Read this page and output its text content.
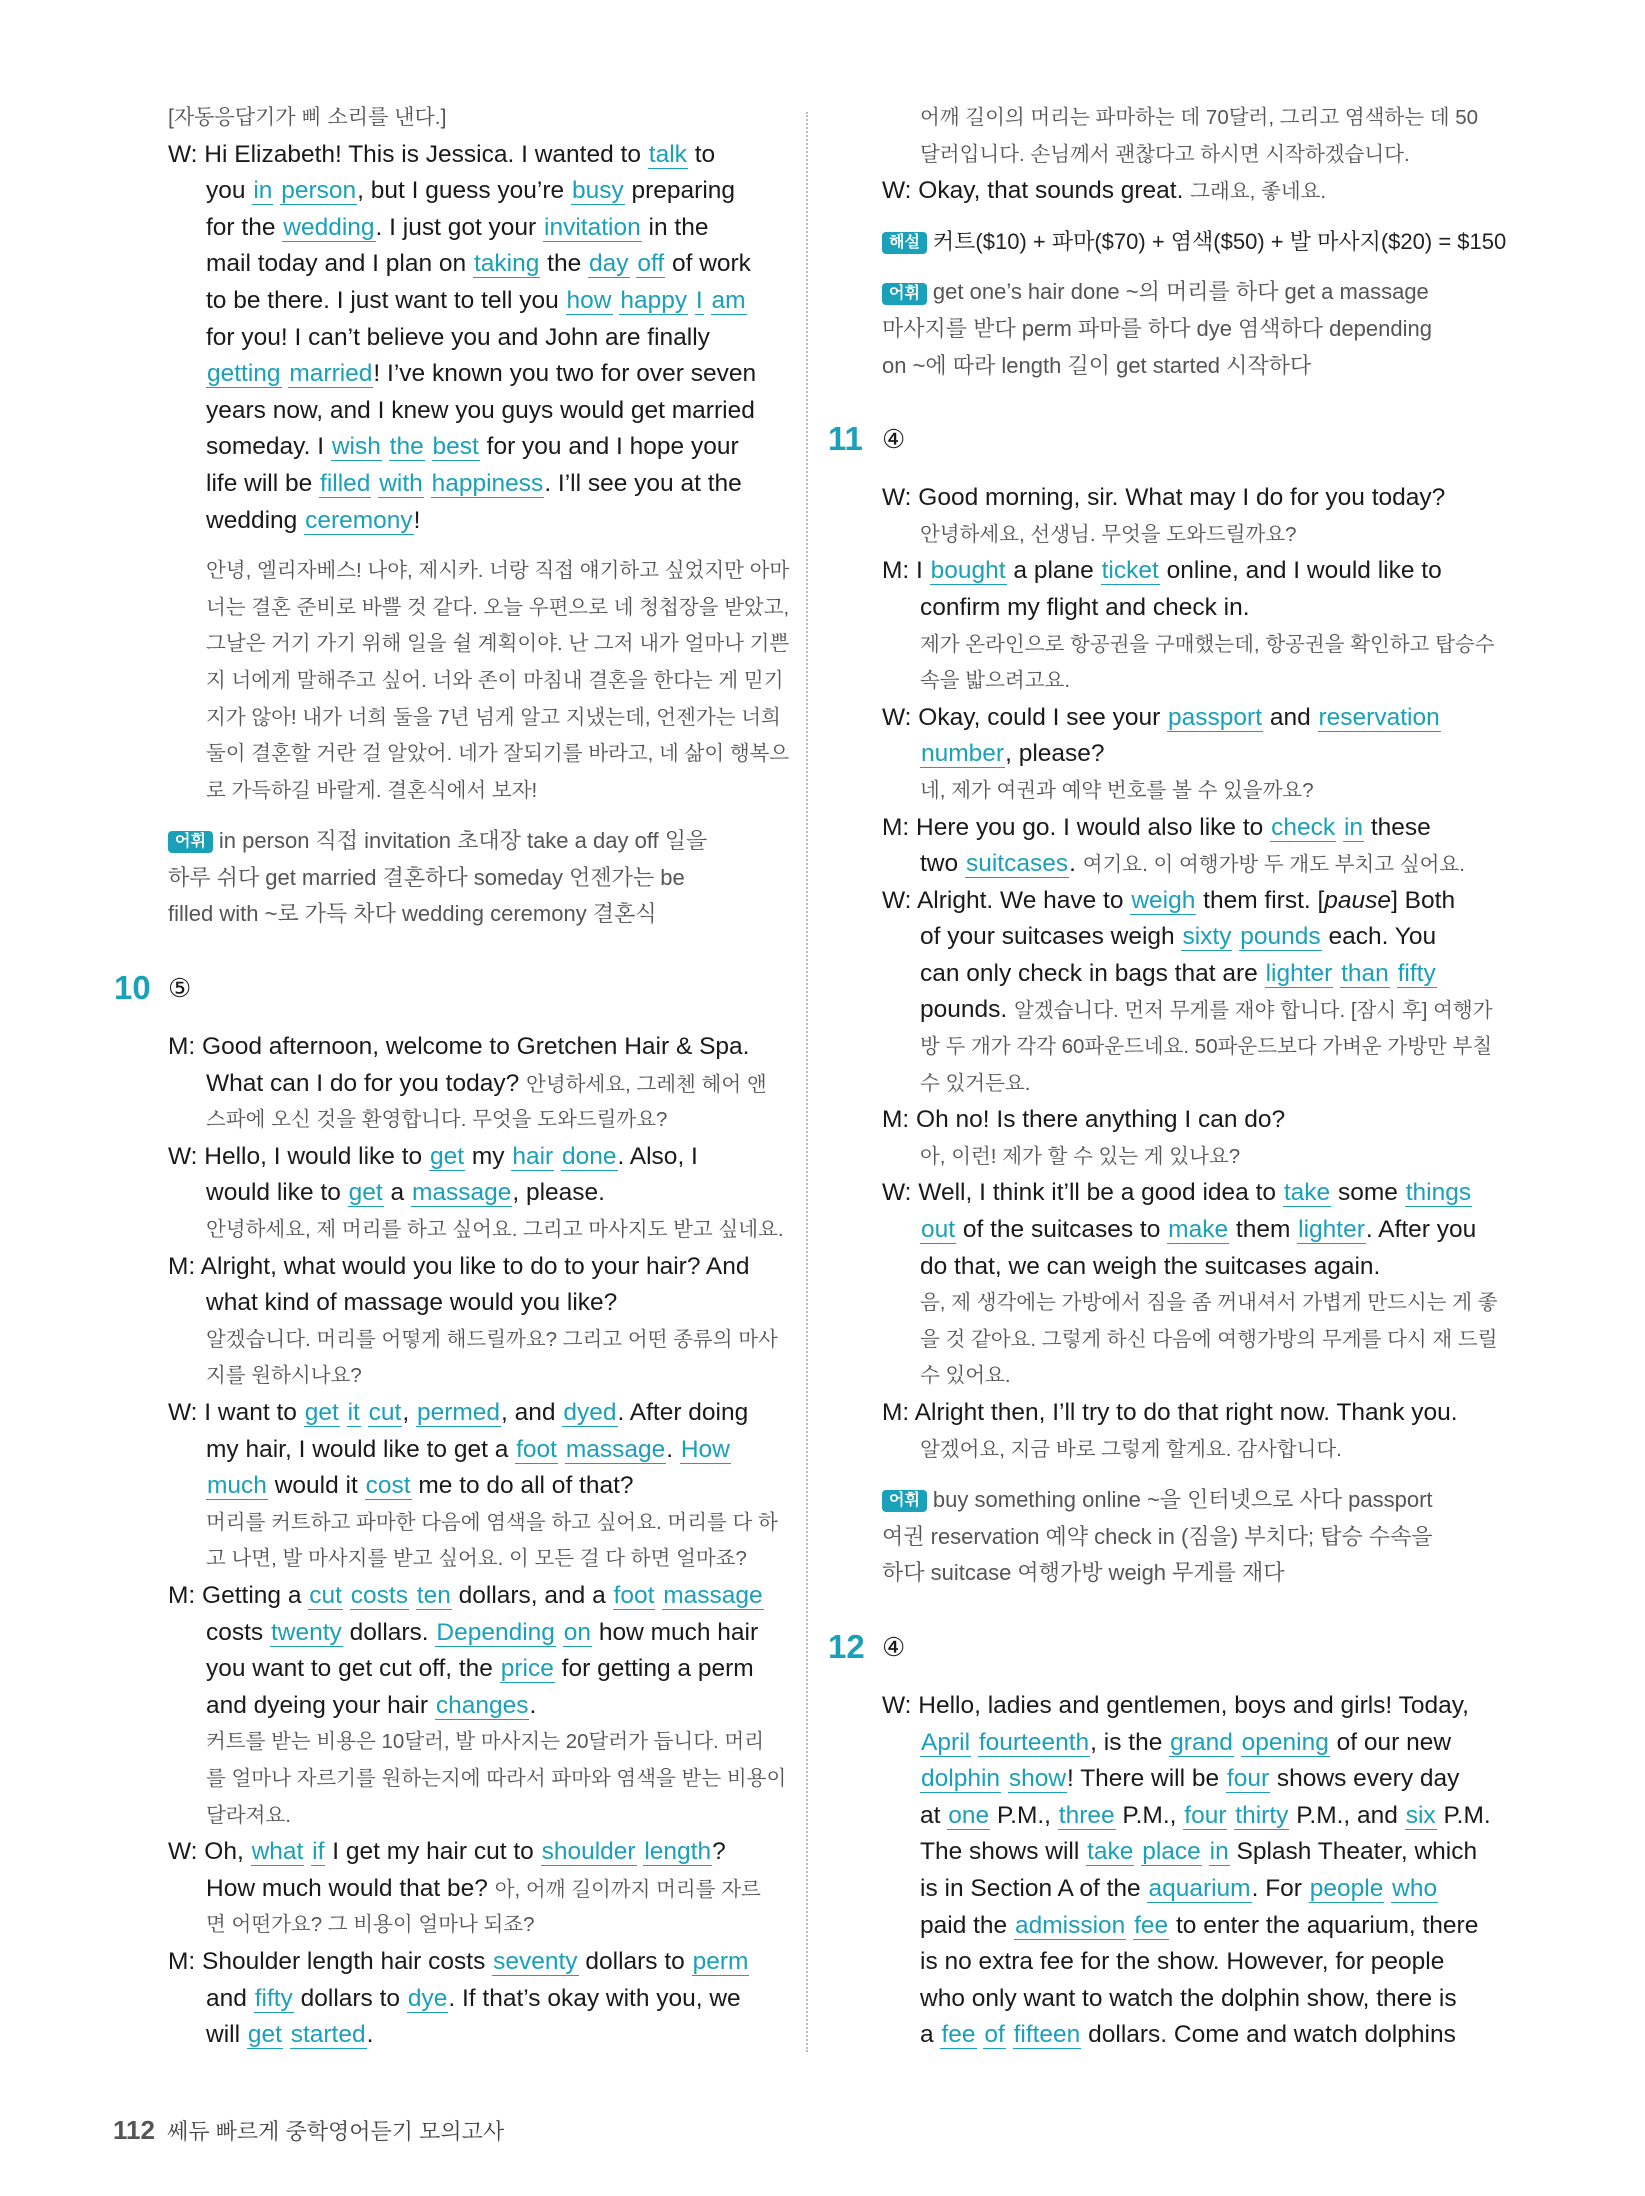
[자동응답기가 삐 소리를 낸다.]
W: Hi Elizabeth! This is Jessica. I wanted to talk to
you in person, but I guess you’re busy preparing
for the wedding. I just got your invitation in the
mail today and I plan on taking the day off of work
to be there. I just want to tell you how happy I am
for you! I can’t believe you and John are finally
getting married! I’ve known you two for over seven
years now, and I knew you guys would get married
someday. I wish the best for you and I hope your
life will be filled with happiness. I’ll see you at the
wedding ceremony!
안녕, 엘리자베스! 나야, 제시카. 너랑 직접 얘기하고 싶었지만 아마
너는 결혼 준비로 바쁠 것 같다. 오늘 우편으로 네 청첩장을 받았고,
그날은 거기 가기 위해 일을 쉴 계획이야. 난 그저 내가 얼마나 기쁜
지 너에게 말해주고 싶어. 너와 존이 마침내 결혼을 한다는 게 믿기
지가 않아! 내가 너희 둘을 7년 넘게 알고 지냈는데, 언젠가는 너희
둘이 결혼할 거란 걸 알았어. 네가 잘되기를 바라고, 네 삶이 행복으
로 가득하길 바랄게. 결혼식에서 보자!
어휘 in person 직접 invitation 초대장 take a day off 일을
하루 쉬다 get married 결혼하다 someday 언젠가는 be
filled with ~로 가득 차다 wedding ceremony 결혼식
10 ⑤
M: Good afternoon, welcome to Gretchen Hair & Spa.
What can I do for you today? 안녕하세요, 그레첸 헤어 앤
스파에 오신 것을 환영합니다. 무엇을 도와드릴까요?
W: Hello, I would like to get my hair done. Also, I
would like to get a massage, please.
안녕하세요, 제 머리를 하고 싶어요. 그리고 마사지도 받고 싶네요.
M: Alright, what would you like to do to your hair? And
what kind of massage would you like?
알겠습니다. 머리를 어떻게 해드릴까요? 그리고 어떤 종류의 마사
지를 원하시나요?
W: I want to get it cut, permed, and dyed. After doing
my hair, I would like to get a foot massage. How
much would it cost me to do all of that?
머리를 커트하고 파마한 다음에 염색을 하고 싶어요. 머리를 다 하
고 나면, 발 마사지를 받고 싶어요. 이 모든 걸 다 하면 얼마죠?
M: Getting a cut costs ten dollars, and a foot massage
costs twenty dollars. Depending on how much hair
you want to get cut off, the price for getting a perm
and dyeing your hair changes.
커트를 받는 비용은 10달러, 발 마사지는 20달러가 듭니다. 머리
를 얼마나 자르기를 원하는지에 따라서 파마와 염색을 받는 비용이
달라져요.
W: Oh, what if I get my hair cut to shoulder length?
How much would that be? 아, 어깨 길이까지 머리를 자르
면 어떤가요? 그 비용이 얼마나 되죠?
M: Shoulder length hair costs seventy dollars to perm
and fifty dollars to dye. If that’s okay with you, we
will get started.
어깨 길이의 머리는 파마하는 데 70달러, 그리고 염색하는 데 50
달러입니다. 손님께서 괜찮다고 하시면 시작하겠습니다.
W: Okay, that sounds great. 그래요, 좋네요.
해설 커트($10) + 파마($70) + 염색($50) + 발 마사지($20) = $150
어휘 get one’s hair done ~의 머리를 하다 get a massage
마사지를 받다 perm 파마를 하다 dye 염색하다 depending
on ~에 따라 length 길이 get started 시작하다
11 ④
W: Good morning, sir. What may I do for you today?
안녕하세요, 선생님. 무엇을 도와드릴까요?
M: I bought a plane ticket online, and I would like to
confirm my flight and check in.
제가 온라인으로 항공권을 구매했는데, 항공권을 확인하고 탑승수
속을 밟으려고요.
W: Okay, could I see your passport and reservation
number, please?
네, 제가 여권과 예약 번호를 볼 수 있을까요?
M: Here you go. I would also like to check in these
two suitcases. 여기요. 이 여행가방 두 개도 부치고 싶어요.
W: Alright. We have to weigh them first. [pause] Both
of your suitcases weigh sixty pounds each. You
can only check in bags that are lighter than fifty
pounds. 알겠습니다. 먼저 무게를 재야 합니다. [잠시 후] 여행가
방 두 개가 각각 60파운드네요. 50파운드보다 가벼운 가방만 부칠
수 있거든요.
M: Oh no! Is there anything I can do?
아, 이런! 제가 할 수 있는 게 있나요?
W: Well, I think it’ll be a good idea to take some things
out of the suitcases to make them lighter. After you
do that, we can weigh the suitcases again.
음, 제 생각에는 가방에서 짐을 좀 꺼내셔서 가볍게 만드시는 게 좋
을 것 같아요. 그렇게 하신 다음에 여행가방의 무게를 다시 재 드릴
수 있어요.
M: Alright then, I’ll try to do that right now. Thank you.
알겠어요, 지금 바로 그렇게 할게요. 감사합니다.
어휘 buy something online ~을 인터넷으로 사다 passport
여권 reservation 예약 check in (짐을) 부치다; 탑승 수속을
하다 suitcase 여행가방 weigh 무게를 재다
12 ④
W: Hello, ladies and gentlemen, boys and girls! Today,
April fourteenth, is the grand opening of our new
dolphin show! There will be four shows every day
at one P.M., three P.M., four thirty P.M., and six P.M.
The shows will take place in Splash Theater, which
is in Section A of the aquarium. For people who
paid the admission fee to enter the aquarium, there
is no extra fee for the show. However, for people
who only want to watch the dolphin show, there is
a fee of fifteen dollars. Come and watch dolphins
112 쎄듀 빠르게 중학영어듣기 모의고사
